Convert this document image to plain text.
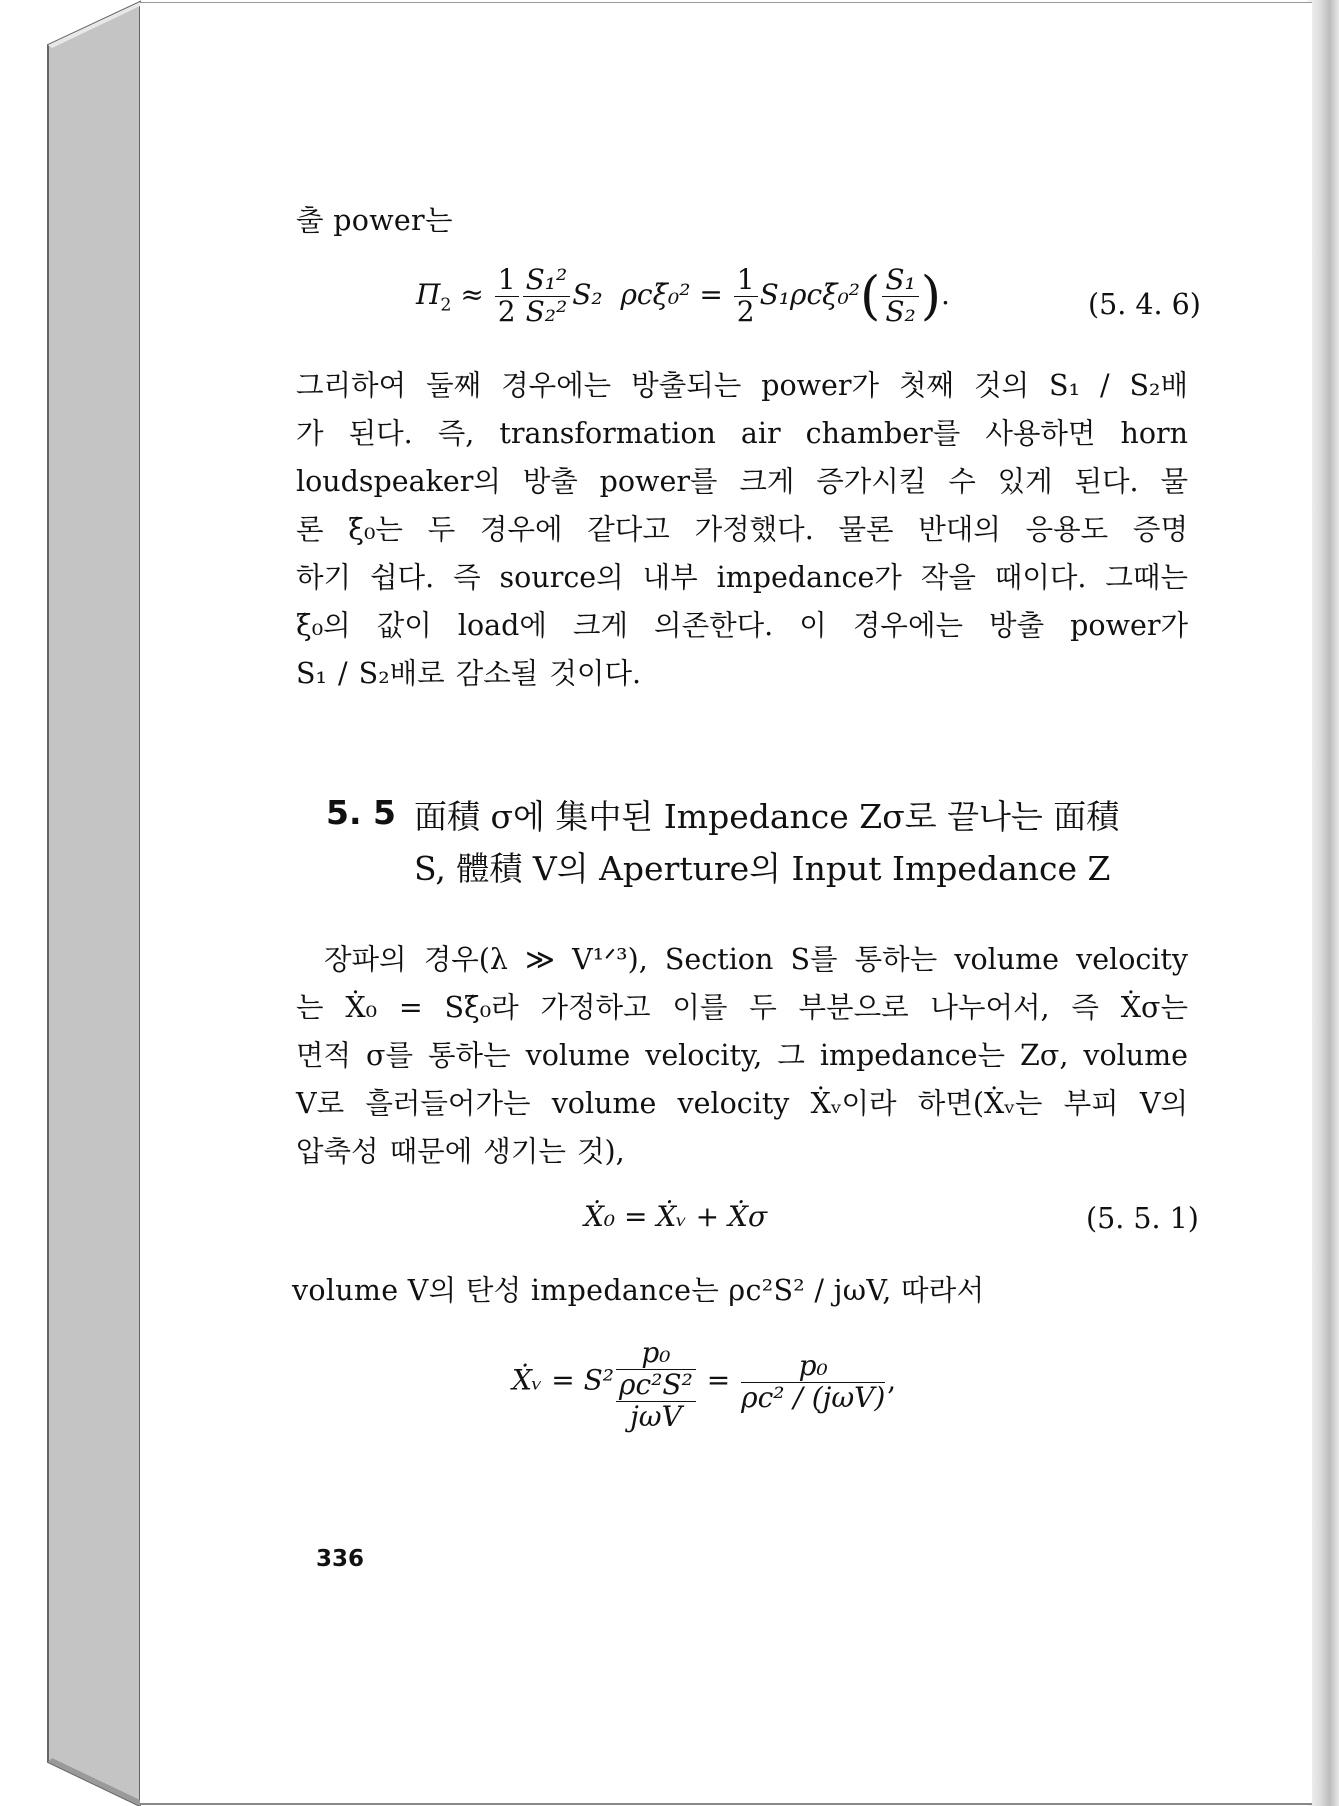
출 power는
$\Pi_2 \approx \frac{1}{2} \frac{\text{S₁²}}{\text{S₂²}} S_2$ ρcξ̇₀² = $\frac{1}{2}$ S₁ρcξ̇₀²( $\frac{\text{S₁}}{\text{S₂}}$ ).	(5. 4. 6)
그리하여 둘째 경우에는 방출되는 power가 첫째 것의 S₁ / S₂배
가 된다. 즉, transformation air chamber를 사용하면 horn
loudspeaker의 방출 power를 크게 증가시킬 수 있게 된다. 물
론 ξ̇₀는 두 경우에 같다고 가정했다. 물론 반대의 응용도 증명
하기 쉽다. 즉 source의 내부 impedance가 작을 때이다. 그때는
ξ̇₀의 값이 load에 크게 의존한다. 이 경우에는 방출 power가
S₁ / S₂배로 감소될 것이다.
5. 5 面積 σ에 集中된 Impedance Zσ로 끝나는 面積
S, 體積 V의 Aperture의 Input Impedance Z
장파의 경우(λ ≫ V¹ᐟ³), Section S를 통하는 volume velocity
는 Ẋ₀ = Sξ̇₀라 가정하고 이를 두 부분으로 나누어서, 즉 Ẋσ는
면적 σ를 통하는 volume velocity, 그 impedance는 Zσ, volume
V로 흘러들어가는 volume velocity Ẋᵥ이라 하면(Ẋᵥ는 부피 V의
압축성 때문에 생기는 것),
Ẋ₀ = Ẋᵥ + Ẋσ	(5. 5. 1)
volume V의 탄성 impedance는 ρc²S² / jωV, 따라서
Ẋᵥ = S²
p₀
ρc²S²
jωV
= $\frac{\text{p₀}}{\text{ρc² / (jωV)}}$ ,
336
